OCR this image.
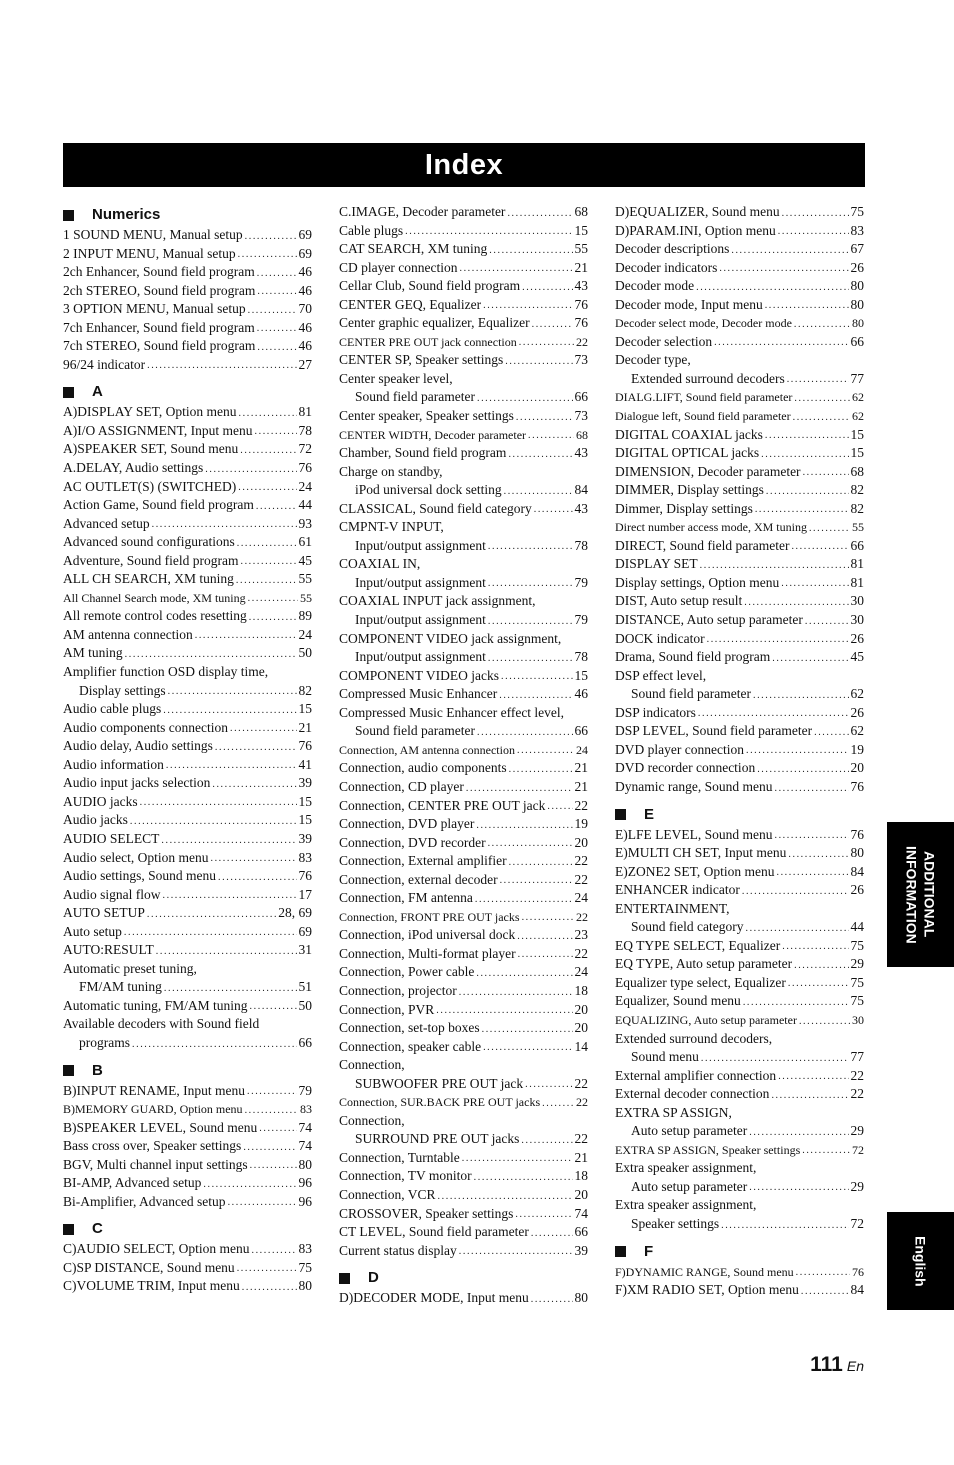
Index
Numerics
1 SOUND MENU, Manual setup .....	69
2 INPUT MENU, Manual setup .....	69
2ch Enhancer, Sound field program .....	46
2ch STEREO, Sound field program .....	46
3 OPTION MENU, Manual setup .....	70
7ch Enhancer, Sound field program .....	46
7ch STEREO, Sound field program .....	46
96/24 indicator .....	27
A
A)DISPLAY SET, Option menu .....	81
A)I/O ASSIGNMENT, Input menu .....	78
A)SPEAKER SET, Sound menu .....	72
A.DELAY, Audio settings .....	76
AC OUTLET(S) (SWITCHED) .....	24
Action Game, Sound field program .....	44
Advanced setup .....	93
Advanced sound configurations .....	61
Adventure, Sound field program .....	45
ALL CH SEARCH, XM tuning .....	55
All Channel Search mode, XM tuning .....	55
All remote control codes resetting .....	89
AM antenna connection .....	24
AM tuning .....	50
Amplifier function OSD display time,
Display settings .....	82
Audio cable plugs .....	15
Audio components connection .....	21
Audio delay, Audio settings .....	76
Audio information .....	41
Audio input jacks selection .....	39
AUDIO jacks .....	15
Audio jacks .....	15
AUDIO SELECT .....	39
Audio select, Option menu .....	83
Audio settings, Sound menu .....	76
Audio signal flow .....	17
AUTO SETUP .....	28, 69
Auto setup .....	69
AUTO:RESULT .....	31
Automatic preset tuning,
FM/AM tuning .....	51
Automatic tuning, FM/AM tuning .....	50
Available decoders with Sound field
programs .....	66
B
B)INPUT RENAME, Input menu .....	79
B)MEMORY GUARD, Option menu .....	83
B)SPEAKER LEVEL, Sound menu .....	74
Bass cross over, Speaker settings .....	74
BGV, Multi channel input settings .....	80
BI-AMP, Advanced setup .....	96
Bi-Amplifier, Advanced setup .....	96
C
C)AUDIO SELECT, Option menu .....	83
C)SP DISTANCE, Sound menu .....	75
C)VOLUME TRIM, Input menu .....	80
C.IMAGE, Decoder parameter .....	68
Cable plugs .....	15
CAT SEARCH, XM tuning .....	55
CD player connection .....	21
Cellar Club, Sound field program .....	43
CENTER GEQ, Equalizer .....	76
Center graphic equalizer, Equalizer .....	76
CENTER PRE OUT jack connection .....	22
CENTER SP, Speaker settings .....	73
Center speaker level,
Sound field parameter .....	66
Center speaker, Speaker settings .....	73
CENTER WIDTH, Decoder parameter .....	68
Chamber, Sound field program .....	43
Charge on standby,
iPod universal dock setting .....	84
CLASSICAL, Sound field category .....	43
CMPNT-V INPUT,
Input/output assignment .....	78
COAXIAL IN,
Input/output assignment .....	79
COAXIAL INPUT jack assignment,
Input/output assignment .....	79
COMPONENT VIDEO jack assignment,
Input/output assignment .....	78
COMPONENT VIDEO jacks .....	15
Compressed Music Enhancer .....	46
Compressed Music Enhancer effect level,
Sound field parameter .....	66
Connection, AM antenna connection .....	24
Connection, audio components .....	21
Connection, CD player .....	21
Connection, CENTER PRE OUT jack ..... 22
Connection, DVD player .....	19
Connection, DVD recorder .....	20
Connection, External amplifier .....	22
Connection, external decoder .....	22
Connection, FM antenna .....	24
Connection, FRONT PRE OUT jacks .....	22
Connection, iPod universal dock .....	23
Connection, Multi-format player .....	22
Connection, Power cable .....	24
Connection, projector .....	18
Connection, PVR .....	20
Connection, set-top boxes .....	20
Connection, speaker cable .....	14
Connection,
SUBWOOFER PRE OUT jack .....	22
Connection, SUR.BACK PRE OUT jacks .....	22
Connection,
SURROUND PRE OUT jacks .....	22
Connection, Turntable .....	21
Connection, TV monitor .....	18
Connection, VCR .....	20
CROSSOVER, Speaker settings .....	74
CT LEVEL, Sound field parameter .....	66
Current status display .....	39
D
D)DECODER MODE, Input menu .....	80
D)EQUALIZER, Sound menu .....	75
D)PARAM.INI, Option menu .....	83
Decoder descriptions .....	67
Decoder indicators .....	26
Decoder mode .....	80
Decoder mode, Input menu .....	80
Decoder select mode, Decoder mode .....	80
Decoder selection .....	66
Decoder type,
Extended surround decoders .....	77
DIALG.LIFT, Sound field parameter .....	62
Dialogue left, Sound field parameter .....	62
DIGITAL COAXIAL jacks .....	15
DIGITAL OPTICAL jacks .....	15
DIMENSION, Decoder parameter .....	68
DIMMER, Display settings .....	82
Dimmer, Display settings .....	82
Direct number access mode, XM tuning .....	55
DIRECT, Sound field parameter .....	66
DISPLAY SET .....	81
Display settings, Option menu .....	81
DIST, Auto setup result .....	30
DISTANCE, Auto setup parameter .....	30
DOCK indicator .....	26
Drama, Sound field program .....	45
DSP effect level,
Sound field parameter .....	62
DSP indicators .....	26
DSP LEVEL, Sound field parameter .....	62
DVD player connection .....	19
DVD recorder connection .....	20
Dynamic range, Sound menu .....	76
E
E)LFE LEVEL, Sound menu .....	76
E)MULTI CH SET, Input menu .....	80
E)ZONE2 SET, Option menu .....	84
ENHANCER indicator .....	26
ENTERTAINMENT,
Sound field category .....	44
EQ TYPE SELECT, Equalizer .....	75
EQ TYPE, Auto setup parameter .....	29
Equalizer type select, Equalizer .....	75
Equalizer, Sound menu .....	75
EQUALIZING, Auto setup parameter .....	30
Extended surround decoders,
Sound menu .....	77
External amplifier connection .....	22
External decoder connection .....	22
EXTRA SP ASSIGN,
Auto setup parameter .....	29
EXTRA SP ASSIGN, Speaker settings .....	72
Extra speaker assignment,
Auto setup parameter .....	29
Extra speaker assignment,
Speaker settings .....	72
F
F)DYNAMIC RANGE, Sound menu .....	76
F)XM RADIO SET, Option menu .....	84
ADDITIONAL
INFORMATION
English
111 En
